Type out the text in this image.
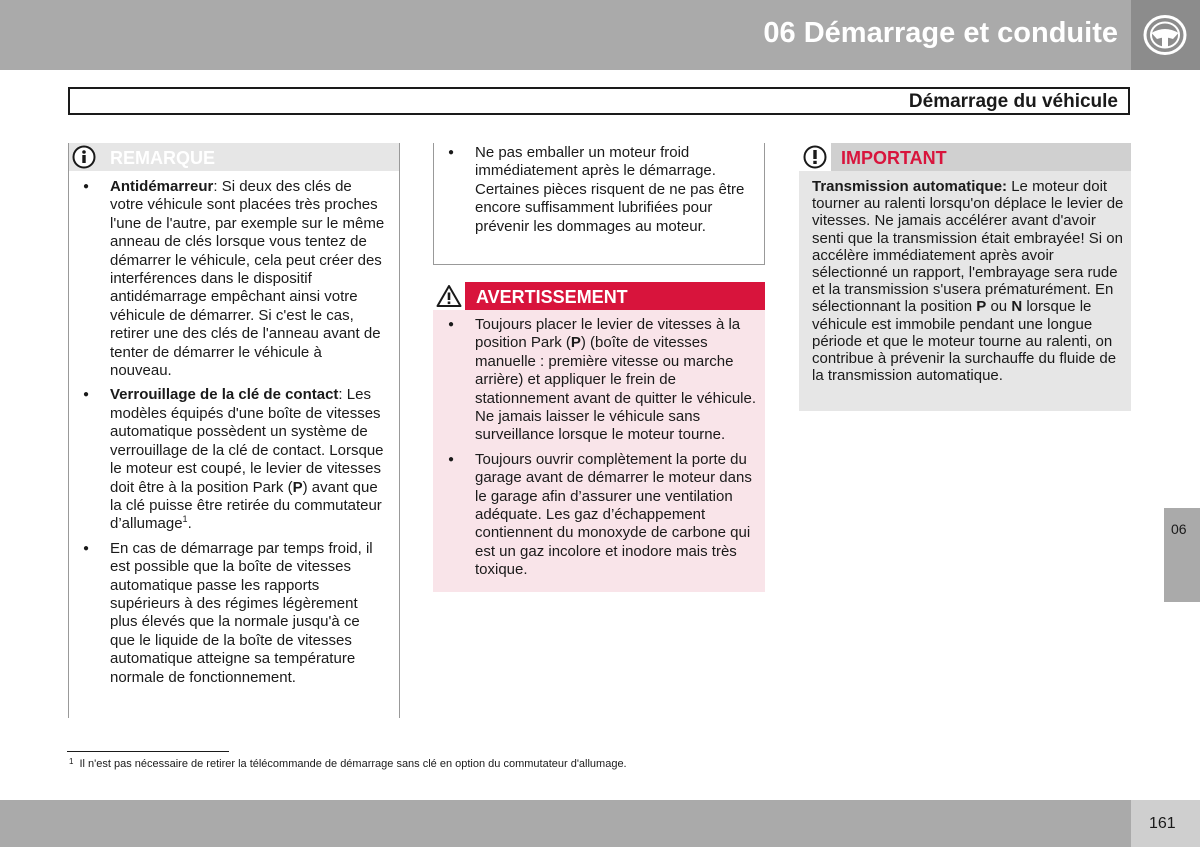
06 Démarrage et conduite
Démarrage du véhicule
REMARQUE
● Antidémarreur: Si deux des clés de votre véhicule sont placées très proches l'une de l'autre, par exemple sur le même anneau de clés lorsque vous tentez de démarrer le véhicule, cela peut créer des interférences dans le dispositif antidémarrage empêchant ainsi votre véhicule de démarrer. Si c'est le cas, retirer une des clés de l'anneau avant de tenter de démarrer le véhicule à nouveau.
● Verrouillage de la clé de contact: Les modèles équipés d'une boîte de vitesses automatique possèdent un système de verrouillage de la clé de contact. Lorsque le moteur est coupé, le levier de vitesses doit être à la position Park (P) avant que la clé puisse être retirée du commutateur d’allumage$^1$.
● En cas de démarrage par temps froid, il est possible que la boîte de vitesses automatique passe les rapports supérieurs à des régimes légèrement plus élevés que la normale jusqu'à ce que le liquide de la boîte de vitesses automatique atteigne sa température normale de fonctionnement.
● Ne pas emballer un moteur froid immédiatement après le démarrage. Certaines pièces risquent de ne pas être encore suffisamment lubrifiées pour prévenir les dommages au moteur.
AVERTISSEMENT
● Toujours placer le levier de vitesses à la position Park (P) (boîte de vitesses manuelle : première vitesse ou marche arrière) et appliquer le frein de stationnement avant de quitter le véhicule. Ne jamais laisser le véhicule sans surveillance lorsque le moteur tourne.
● Toujours ouvrir complètement la porte du garage avant de démarrer le moteur dans le garage afin d’assurer une ventilation adéquate. Les gaz d’échappement contiennent du monoxyde de carbone qui est un gaz incolore et inodore mais très toxique.
IMPORTANT
Transmission automatique: Le moteur doit tourner au ralenti lorsqu'on déplace le levier de vitesses. Ne jamais accélérer avant d'avoir senti que la transmission était embrayée! Si on accélère immédiatement après avoir sélectionné un rapport, l'embrayage sera rude et la transmission s'usera prématurément. En sélectionnant la position P ou N lorsque le véhicule est immobile pendant une longue période et que le moteur tourne au ralenti, on contribue à prévenir la surchauffe du fluide de la transmission automatique.
$^1$ Il n'est pas nécessaire de retirer la télécommande de démarrage sans clé en option du commutateur d'allumage.
06
161
